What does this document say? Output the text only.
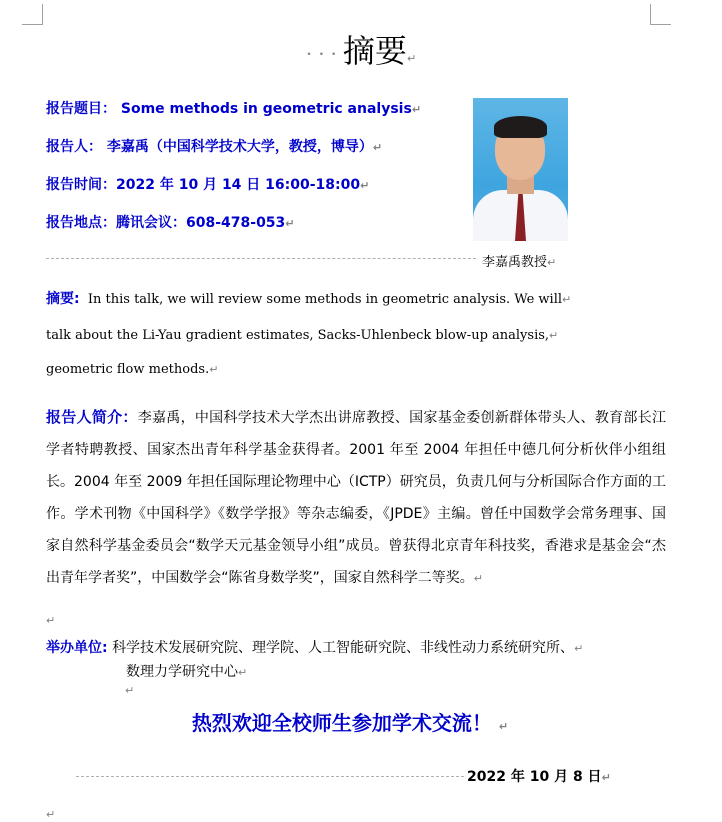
···摘要↵
报告题目： Some methods in geometric analysis↵
报告人： 李嘉禹（中国科学技术大学，教授，博导）↵
报告时间：2022 年 10 月 14 日 16:00-18:00↵
报告地点：腾讯会议：608-478-053↵
李嘉禹教授↵
摘要: In this talk, we will review some methods in geometric analysis. We will↵
talk about the Li-Yau gradient estimates, Sacks-Uhlenbeck blow-up analysis,↵
geometric flow methods.↵
报告人简介：李嘉禹，中国科学技术大学杰出讲席教授、国家基金委创新群体带头人、教育部长江学者特聘教授、国家杰出青年科学基金获得者。2001 年至 2004 年担任中德几何分析伙伴小组组长。2004 年至 2009 年担任国际理论物理中心（ICTP）研究员，负责几何与分析国际合作方面的工作。学术刊物《中国科学》《数学学报》等杂志编委，《JPDE》主编。曾任中国数学会常务理事、国家自然科学基金委员会“数学天元基金领导小组”成员。曾获得北京青年科技奖，香港求是基金会“杰出青年学者奖”，中国数学会“陈省身数学奖”，国家自然科学二等奖。↵
↵
举办单位: 科学技术发展研究院、理学院、人工智能研究院、非线性动力系统研究所、↵
数理力学研究中心↵
↵
热烈欢迎全校师生参加学术交流！ ↵
2022 年 10 月 8 日↵
↵
